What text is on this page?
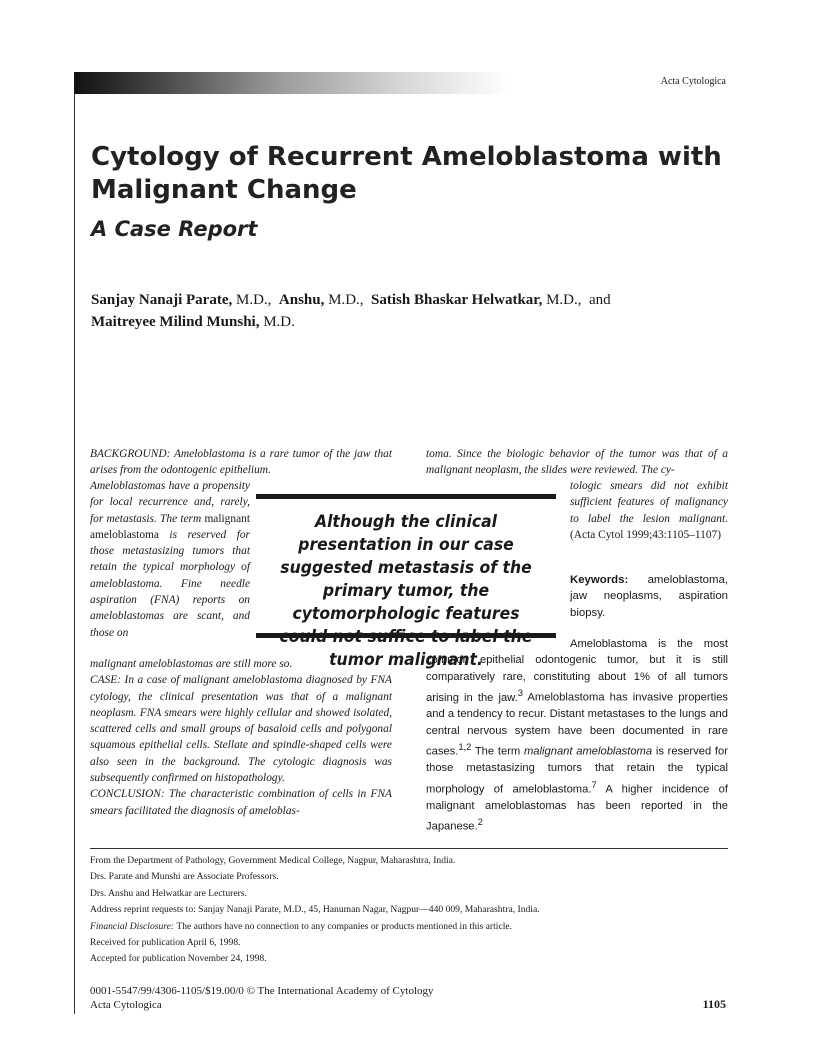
Acta Cytologica
Cytology of Recurrent Ameloblastoma with Malignant Change
A Case Report
Sanjay Nanaji Parate, M.D., Anshu, M.D., Satish Bhaskar Helwatkar, M.D., and
Maitreyee Milind Munshi, M.D.

BACKGROUND: Ameloblastoma is a rare tumor of the jaw that arises from the odontogenic epithelium.

Ameloblastomas have a propensity for local recurrence and, rarely, for metastasis. The term malignant ameloblastoma is reserved for those metastasizing tumors that retain the typical morphology of ameloblastoma. Fine needle aspiration (FNA) reports on ameloblastomas are scant, and those on

malignant ameloblastomas are still more so.

CASE: In a case of malignant ameloblastoma diagnosed by FNA cytology, the clinical presentation was that of a malignant neoplasm. FNA smears were highly cellular and showed isolated, scattered cells and small groups of basaloid cells and polygonal squamous epithelial cells. Stellate and spindle-shaped cells were also seen in the background. The cytologic diagnosis was subsequently confirmed on histopathology.

CONCLUSION: The characteristic combination of cells in FNA smears facilitated the diagnosis of ameloblas-

toma. Since the biologic behavior of the tumor was that of a malignant neoplasm, the slides were reviewed. The cy-

tologic smears did not exhibit sufficient features of malignancy to label the lesion malignant. (Acta Cytol 1999;43:1105–1107)

Although the clinical presentation in our case suggested metastasis of the primary tumor, the cytomorphologic features could not suffice to label the tumor malignant.

Keywords: ameloblastoma, jaw neoplasms, aspiration biopsy.

Ameloblastoma is the most common epithelial odontogenic tumor, but it is still comparatively rare, constituting about 1% of all tumors arising in the jaw.$^3$ Ameloblastoma has invasive properties and a tendency to recur. Distant metastases to the lungs and central nervous system have been documented in rare cases.$^{1,2}$ The term malignant ameloblastoma is reserved for those metastasizing tumors that retain the typical morphology of ameloblastoma.$^7$ A higher incidence of malignant ameloblastomas has been reported in the Japanese.$^2$

From the Department of Pathology, Government Medical College, Nagpur, Maharashtra, India.

Drs. Parate and Munshi are Associate Professors.

Drs. Anshu and Helwatkar are Lecturers.

Address reprint requests to: Sanjay Nanaji Parate, M.D., 45, Hanuman Nagar, Nagpur—440 009, Maharashtra, India.

Financial Disclosure: The authors have no connection to any companies or products mentioned in this article.

Received for publication April 6, 1998.

Accepted for publication November 24, 1998.

0001-5547/99/4306-1105/$19.00/0 © The International Academy of Cytology
Acta Cytologica	1105
